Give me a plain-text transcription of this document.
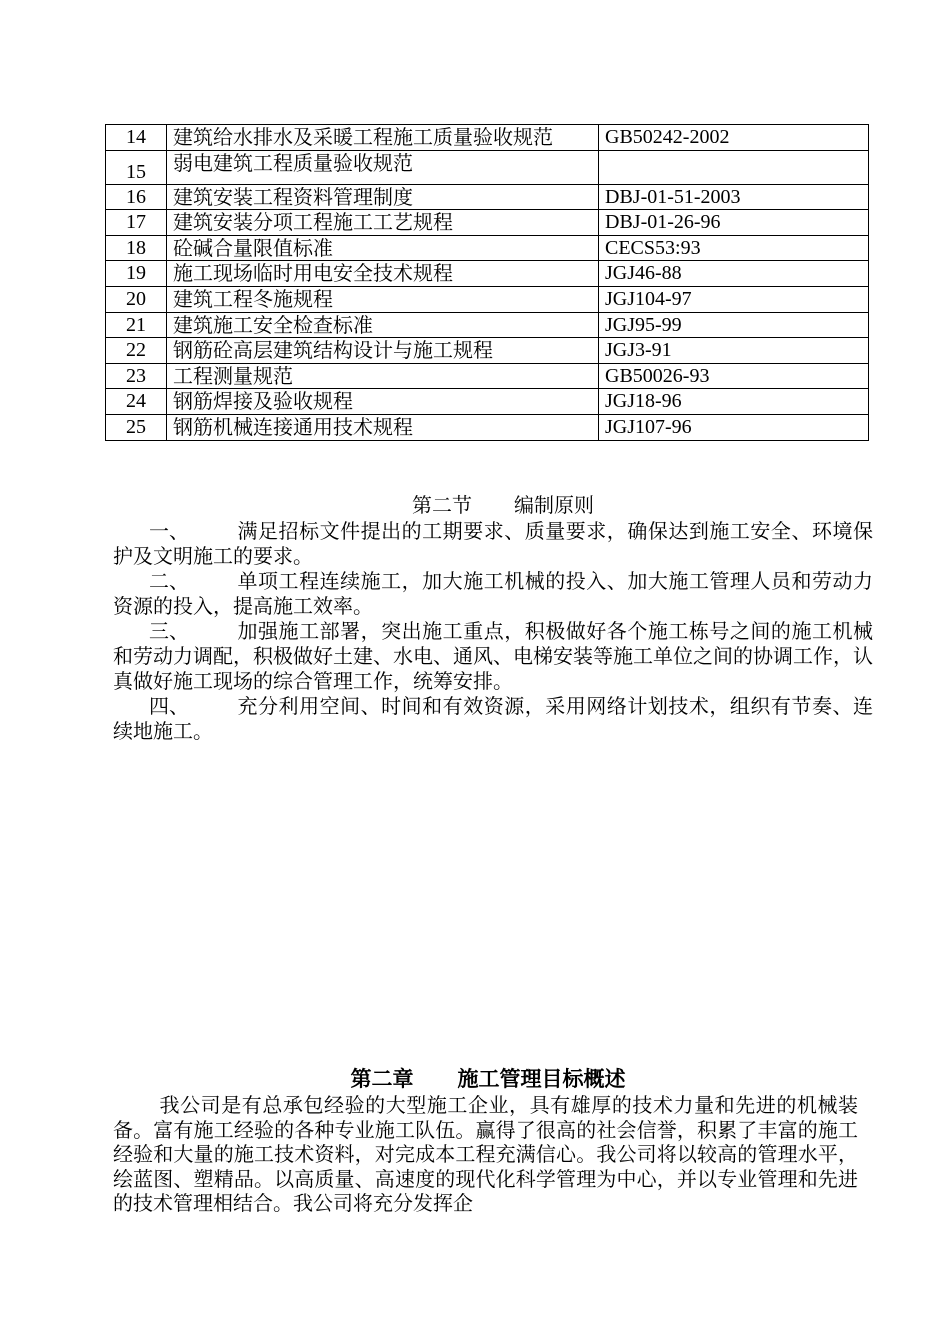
14	建筑给水排水及采暖工程施工质量验收规范	GB50242-2002
15	弱电建筑工程质量验收规范	
16	建筑安装工程资料管理制度	DBJ-01-51-2003
17	建筑安装分项工程施工工艺规程	DBJ-01-26-96
18	砼碱合量限值标准	CECS53:93
19	施工现场临时用电安全技术规程	JGJ46-88
20	建筑工程冬施规程	JGJ104-97
21	建筑施工安全检查标准	JGJ95-99
22	钢筋砼高层建筑结构设计与施工规程	JGJ3-91
23	工程测量规范	GB50026-93
24	钢筋焊接及验收规程	JGJ18-96
25	钢筋机械连接通用技术规程	JGJ107-96
第二节 编制原则
一、 满足招标文件提出的工期要求、质量要求，确保达到施工安全、环境保护及文明施工的要求。
二、 单项工程连续施工，加大施工机械的投入、加大施工管理人员和劳动力资源的投入，提高施工效率。
三、 加强施工部署，突出施工重点，积极做好各个施工栋号之间的施工机械和劳动力调配，积极做好土建、水电、通风、电梯安装等施工单位之间的协调工作，认真做好施工现场的综合管理工作，统筹安排。
四、 充分利用空间、时间和有效资源，采用网络计划技术，组织有节奏、连续地施工。
第二章 施工管理目标概述
我公司是有总承包经验的大型施工企业，具有雄厚的技术力量和先进的机械装备。富有施工经验的各种专业施工队伍。赢得了很高的社会信誉，积累了丰富的施工经验和大量的施工技术资料，对完成本工程充满信心。我公司将以较高的管理水平，绘蓝图、塑精品。以高质量、高速度的现代化科学管理为中心，并以专业管理和先进的技术管理相结合。我公司将充分发挥企
